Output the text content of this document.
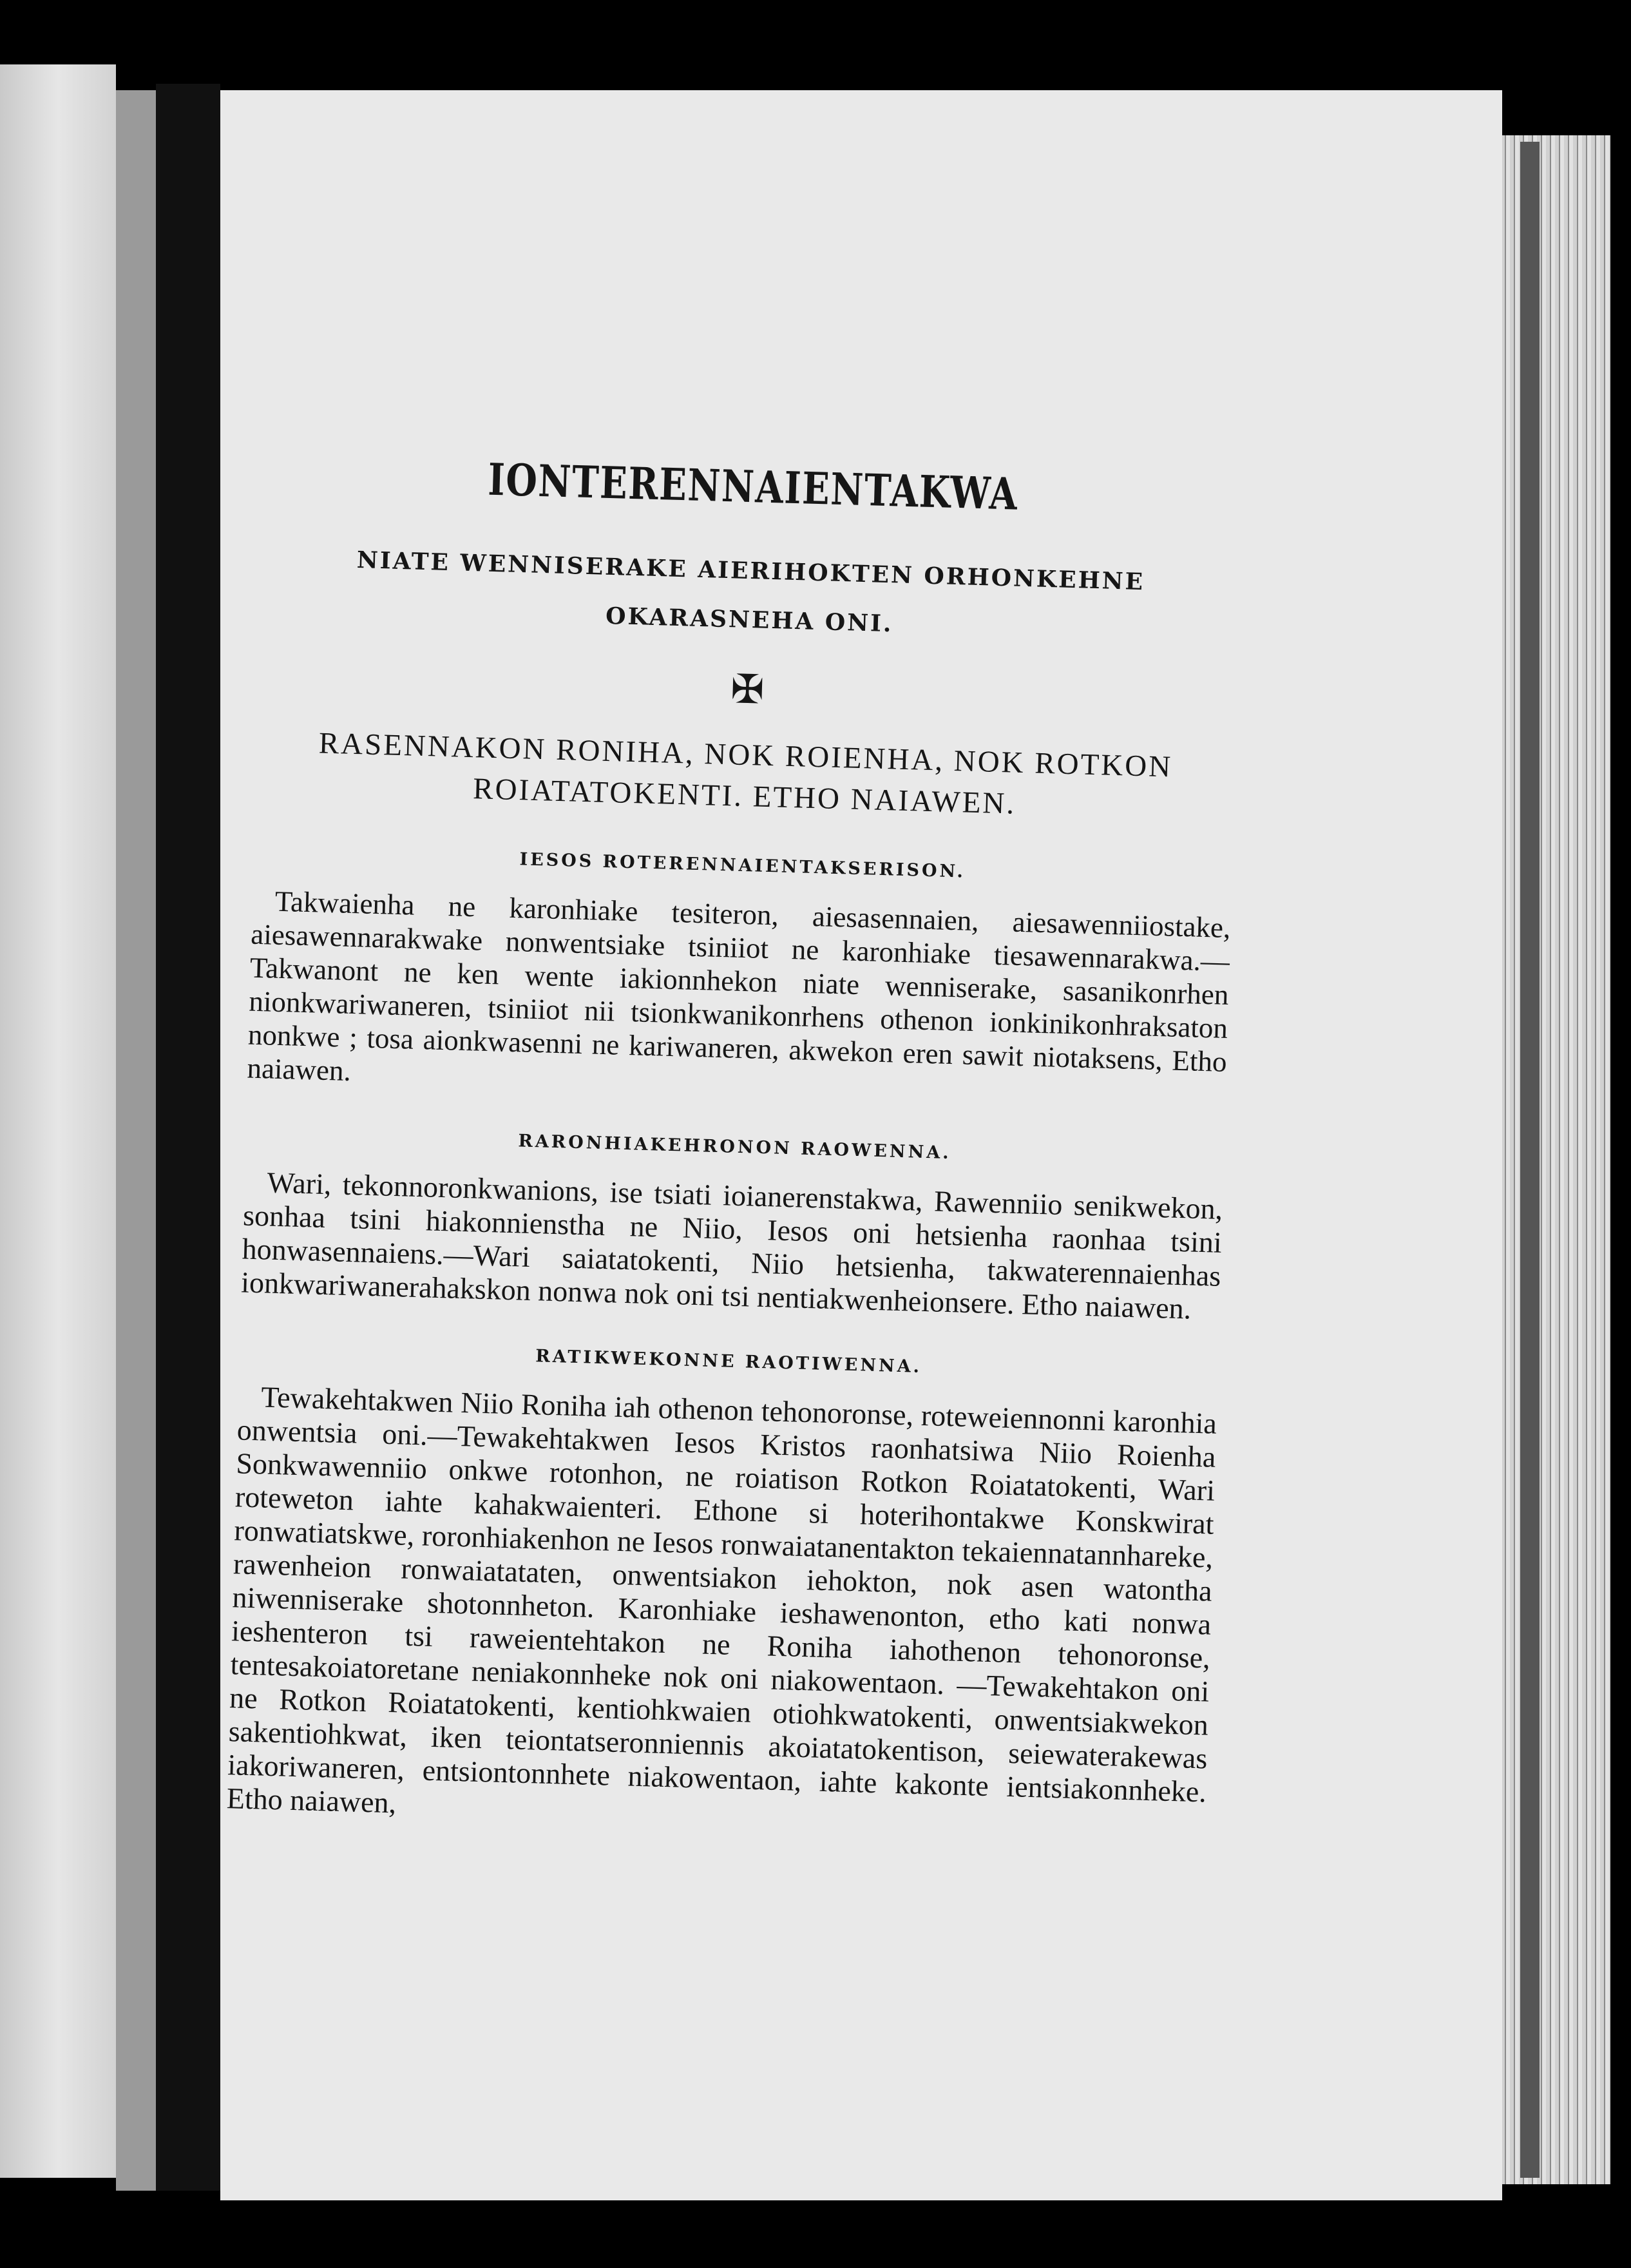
IONTERENNAIENTAKWA
NIATE WENNISERAKE AIERIHOKTEN ORHONKEHNE
OKARASNEHA ONI.
✠
RASENNAKON RONIHA, NOK ROIENHA, NOK ROTKON
ROIATATOKENTI. ETHO NAIAWEN.
IESOS ROTERENNAIENTAKSERISON.

Takwaienha ne karonhiake tesiteron, aiesasennaien, aiesawenniiostake, aiesawennarakwake nonwentsiake tsiniiot ne karonhiake tiesawennarakwa.—Takwanont ne ken wente iakionnhekon niate wenniserake, sasanikonrhen nionkwariwaneren, tsiniiot nii tsionkwanikonrhens othenon ionkinikonhraksaton nonkwe ; tosa aionkwasenni ne kariwaneren, akwekon eren sawit niotaksens, Etho naiawen.

RARONHIAKEHRONON RAOWENNA.

Wari, tekonnoronkwanions, ise tsiati ioianerenstakwa, Rawenniio senikwekon, sonhaa tsini hiakonnienstha ne Niio, Iesos oni hetsienha raonhaa tsini honwasennaiens.—Wari saiatatokenti, Niio hetsienha, takwaterennaienhas ionkwariwanerahakskon nonwa nok oni tsi nentiakwenheionsere. Etho naiawen.

RATIKWEKONNE RAOTIWENNA.

Tewakehtakwen Niio Roniha iah othenon tehonoronse, roteweiennonni karonhia onwentsia oni.—Tewakehtakwen Iesos Kristos raonhatsiwa Niio Roienha Sonkwawenniio onkwe rotonhon, ne roiatison Rotkon Roiatatokenti, Wari roteweton iahte kahakwaienteri. Ethone si hoterihontakwe Konskwirat ronwatiatskwe, roronhiakenhon ne Iesos ronwaiatanentakton tekaiennatannhareke, rawenheion ronwaiatataten, onwentsiakon iehokton, nok asen watontha niwenniserake shotonnheton. Karonhiake ieshawenonton, etho kati nonwa ieshenteron tsi raweientehtakon ne Roniha iahothenon tehonoronse, tentesakoiatoretane neniakonnheke nok oni niakowentaon. —Tewakehtakon oni ne Rotkon Roiatatokenti, kentiohkwaien otiohkwatokenti, onwentsiakwekon sakentiohkwat, iken teiontatseronniennis akoiatatokentison, seiewaterakewas iakoriwaneren, entsiontonnhete niakowentaon, iahte kakonte ientsiakonnheke. Etho naiawen,
